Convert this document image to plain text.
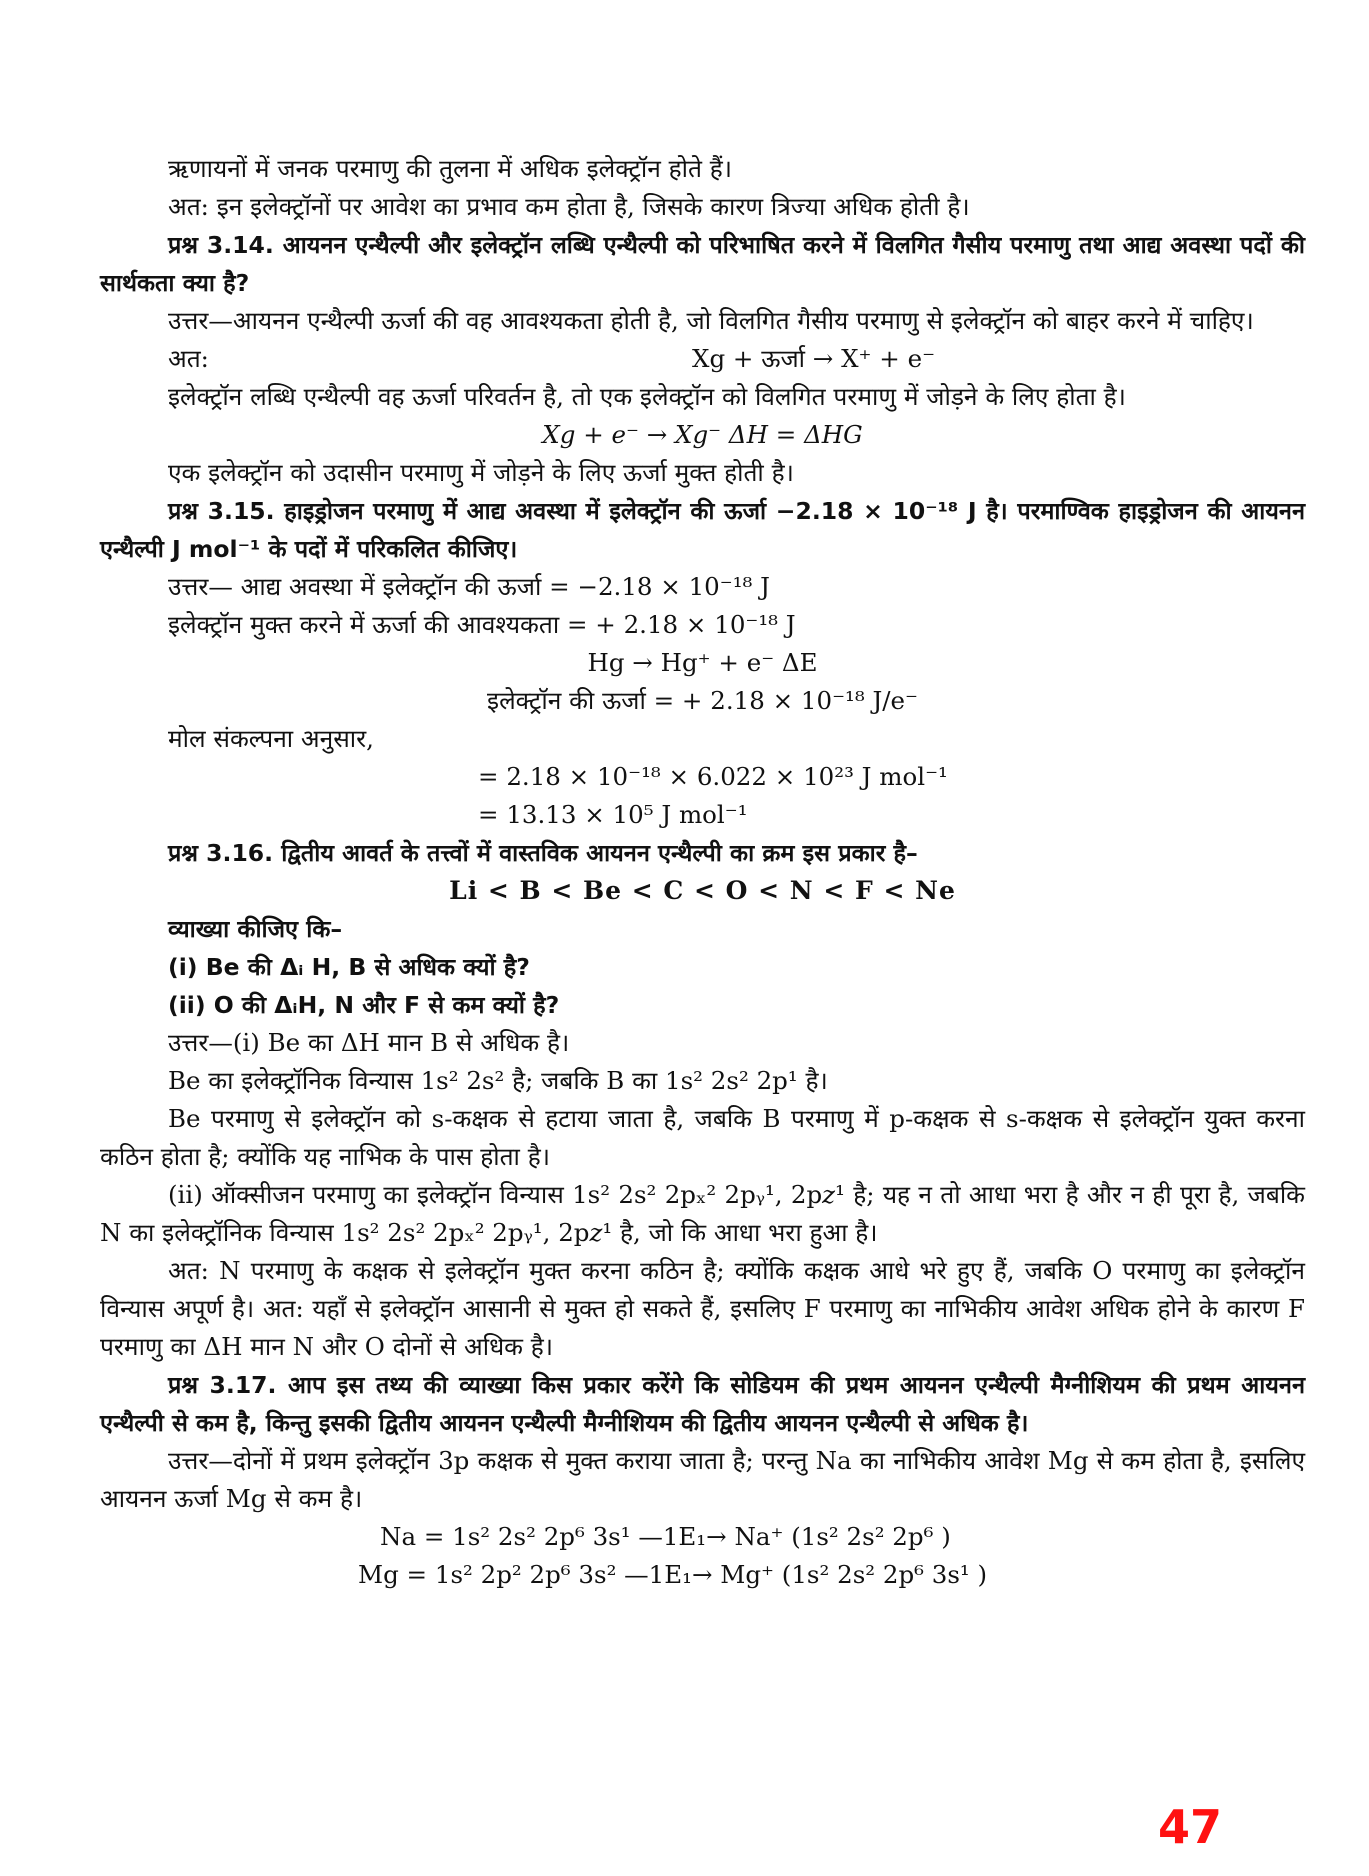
ऋणायनों में जनक परमाणु की तुलना में अधिक इलेक्ट्रॉन होते हैं।

अत: इन इलेक्ट्रॉनों पर आवेश का प्रभाव कम होता है, जिसके कारण त्रिज्या अधिक होती है।

प्रश्न 3.14. आयनन एन्थैल्पी और इलेक्ट्रॉन लब्धि एन्थैल्पी को परिभाषित करने में विलगित गैसीय परमाणु तथा आद्य अवस्था पदों की सार्थकता क्या है?

उत्तर—आयनन एन्थैल्पी ऊर्जा की वह आवश्यकता होती है, जो विलगित गैसीय परमाणु से इलेक्ट्रॉन को बाहर करने में चाहिए।

अत:	Xg + ऊर्जा → X⁺ + e⁻

इलेक्ट्रॉन लब्धि एन्थैल्पी वह ऊर्जा परिवर्तन है, तो एक इलेक्ट्रॉन को विलगित परमाणु में जोड़ने के लिए होता है।

Xg + e⁻ → Xg⁻ ΔH = ΔHG

एक इलेक्ट्रॉन को उदासीन परमाणु में जोड़ने के लिए ऊर्जा मुक्त होती है।

प्रश्न 3.15. हाइड्रोजन परमाणु में आद्य अवस्था में इलेक्ट्रॉन की ऊर्जा −2.18 × 10⁻¹⁸ J है। परमाण्विक हाइड्रोजन की आयनन एन्थैल्पी J mol⁻¹ के पदों में परिकलित कीजिए।

उत्तर— आद्य अवस्था में इलेक्ट्रॉन की ऊर्जा = −2.18 × 10⁻¹⁸ J

इलेक्ट्रॉन मुक्त करने में ऊर्जा की आवश्यकता = + 2.18 × 10⁻¹⁸ J

Hg → Hg⁺ + e⁻ ΔE

इलेक्ट्रॉन की ऊर्जा = + 2.18 × 10⁻¹⁸ J/e⁻

मोल संकल्पना अनुसार,

= 2.18 × 10⁻¹⁸ × 6.022 × 10²³ J mol⁻¹

= 13.13 × 10⁵ J mol⁻¹

प्रश्न 3.16. द्वितीय आवर्त के तत्त्वों में वास्तविक आयनन एन्थैल्पी का क्रम इस प्रकार है–

Li < B < Be < C < O < N < F < Ne

व्याख्या कीजिए कि–

(i) Be की Δᵢ H, B से अधिक क्यों है?

(ii) O की ΔᵢH, N और F से कम क्यों है?

उत्तर—(i) Be का ΔH मान B से अधिक है।

Be का इलेक्ट्रॉनिक विन्यास 1s² 2s² है; जबकि B का 1s² 2s² 2p¹ है।

Be परमाणु से इलेक्ट्रॉन को s-कक्षक से हटाया जाता है, जबकि B परमाणु में p-कक्षक से s-कक्षक से इलेक्ट्रॉन युक्त करना कठिन होता है; क्योंकि यह नाभिक के पास होता है।

(ii) ऑक्सीजन परमाणु का इलेक्ट्रॉन विन्यास 1s² 2s² 2pₓ² 2pᵧ¹, 2p𝑧¹ है; यह न तो आधा भरा है और न ही पूरा है, जबकि N का इलेक्ट्रॉनिक विन्यास 1s² 2s² 2pₓ² 2pᵧ¹, 2p𝑧¹ है, जो कि आधा भरा हुआ है।

अत: N परमाणु के कक्षक से इलेक्ट्रॉन मुक्त करना कठिन है; क्योंकि कक्षक आधे भरे हुए हैं, जबकि O परमाणु का इलेक्ट्रॉन विन्यास अपूर्ण है। अत: यहाँ से इलेक्ट्रॉन आसानी से मुक्त हो सकते हैं, इसलिए F परमाणु का नाभिकीय आवेश अधिक होने के कारण F परमाणु का ΔH मान N और O दोनों से अधिक है।

प्रश्न 3.17. आप इस तथ्य की व्याख्या किस प्रकार करेंगे कि सोडियम की प्रथम आयनन एन्थैल्पी मैग्नीशियम की प्रथम आयनन एन्थैल्पी से कम है, किन्तु इसकी द्वितीय आयनन एन्थैल्पी मैग्नीशियम की द्वितीय आयनन एन्थैल्पी से अधिक है।

उत्तर—दोनों में प्रथम इलेक्ट्रॉन 3p कक्षक से मुक्त कराया जाता है; परन्तु Na का नाभिकीय आवेश Mg से कम होता है, इसलिए आयनन ऊर्जा Mg से कम है।

Na = 1s² 2s² 2p⁶ 3s¹ —1E₁→ Na⁺ (1s² 2s² 2p⁶ )

Mg = 1s² 2p² 2p⁶ 3s² —1E₁→ Mg⁺ (1s² 2s² 2p⁶ 3s¹ )

47
